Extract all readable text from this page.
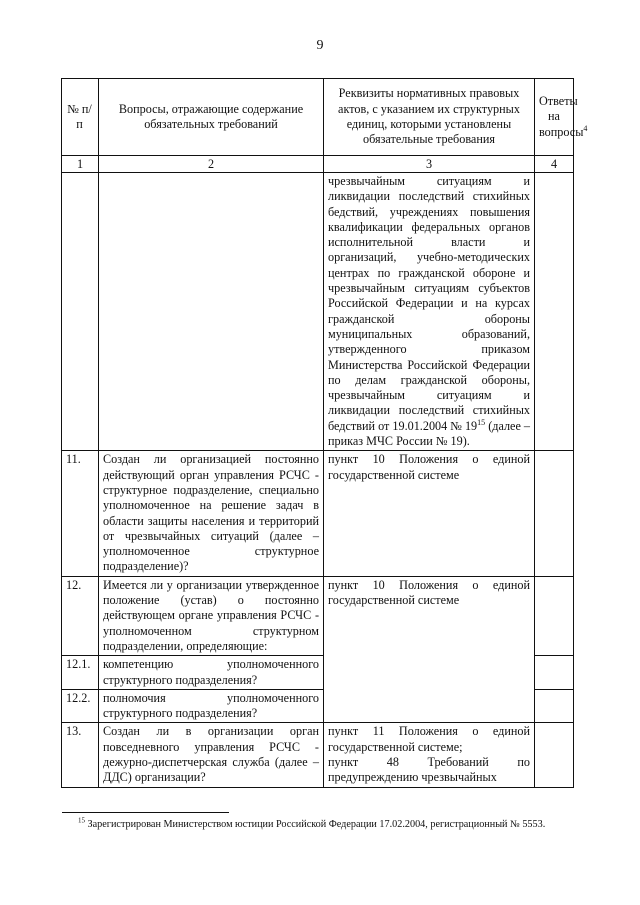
9
№ п/п	Вопросы, отражающие содержание обязательных требований	Реквизиты нормативных правовых актов, с указанием их структурных единиц, которыми установлены обязательные требования	Ответы на вопросы$^4$
1	2	3	4
		чрезвычайным ситуациям и ликвидации последствий стихийных бедствий, учреждениях повышения квалификации федеральных органов исполнительной власти и организаций, учебно-методических центрах по гражданской обороне и чрезвычайным ситуациям субъектов Российской Федерации и на курсах гражданской обороны муниципальных образований, утвержденного приказом Министерства Российской Федерации по делам гражданской обороны, чрезвычайным ситуациям и ликвидации последствий стихийных бедствий от 19.01.2004 № $19^{15}$ (далее – приказ МЧС России № 19).	
11.	Создан ли организацией постоянно действующий орган управления РСЧС - структурное подразделение, специально уполномоченное на решение задач в области защиты населения и территорий от чрезвычайных ситуаций (далее – уполномоченное структурное подразделение)?	пункт 10 Положения о единой государственной системе	
12.	Имеется ли у организации утвержденное положение (устав) о постоянно действующем органе управления РСЧС - уполномоченном структурном подразделении, определяющие:	пункт 10 Положения о единой государственной системе	
12.1.	компетенцию уполномоченного структурного подразделения?		
12.2.	полномочия уполномоченного структурного подразделения?		
13.	Создан ли в организации орган повседневного управления РСЧС - дежурно-диспетчерская служба (далее – ДДС) организации?	пункт 11 Положения о единой государственной системе;
пункт 48 Требований по предупреждению чрезвычайных	

$^{15}$ Зарегистрирован Министерством юстиции Российской Федерации 17.02.2004, регистрационный № 5553.
